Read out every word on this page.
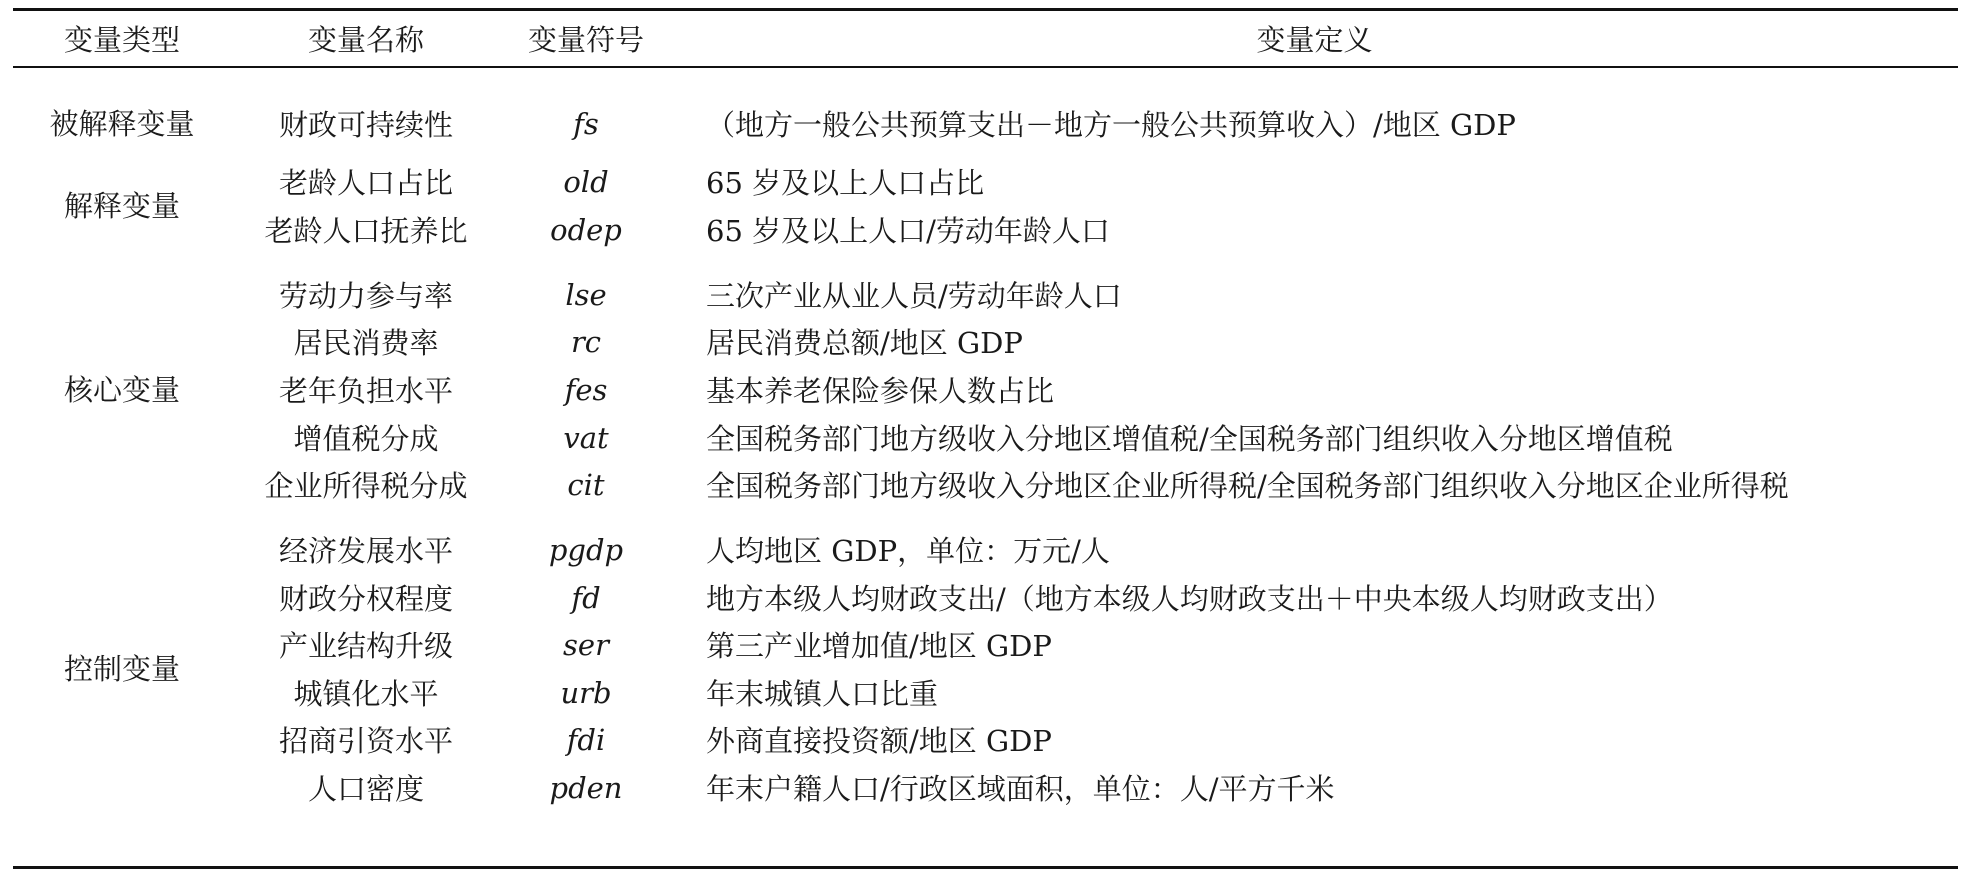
变量类型	变量名称	变量符号	变量定义
被解释变量	财政可持续性	fs	（地方一般公共预算支出－地方一般公共预算收入）/地区 GDP
解释变量
老龄人口占比	old	65 岁及以上人口占比
老龄人口抚养比	odep	65 岁及以上人口/劳动年龄人口
核心变量
劳动力参与率	lse	三次产业从业人员/劳动年龄人口
居民消费率	rc	居民消费总额/地区 GDP
老年负担水平	fes	基本养老保险参保人数占比
增值税分成	vat	全国税务部门地方级收入分地区增值税/全国税务部门组织收入分地区增值税
企业所得税分成	cit	全国税务部门地方级收入分地区企业所得税/全国税务部门组织收入分地区企业所得税
控制变量
经济发展水平	pgdp	人均地区 GDP，单位：万元/人
财政分权程度	fd	地方本级人均财政支出/（地方本级人均财政支出＋中央本级人均财政支出）
产业结构升级	ser	第三产业增加值/地区 GDP
城镇化水平	urb	年末城镇人口比重
招商引资水平	fdi	外商直接投资额/地区 GDP
人口密度	pden	年末户籍人口/行政区域面积，单位：人/平方千米
